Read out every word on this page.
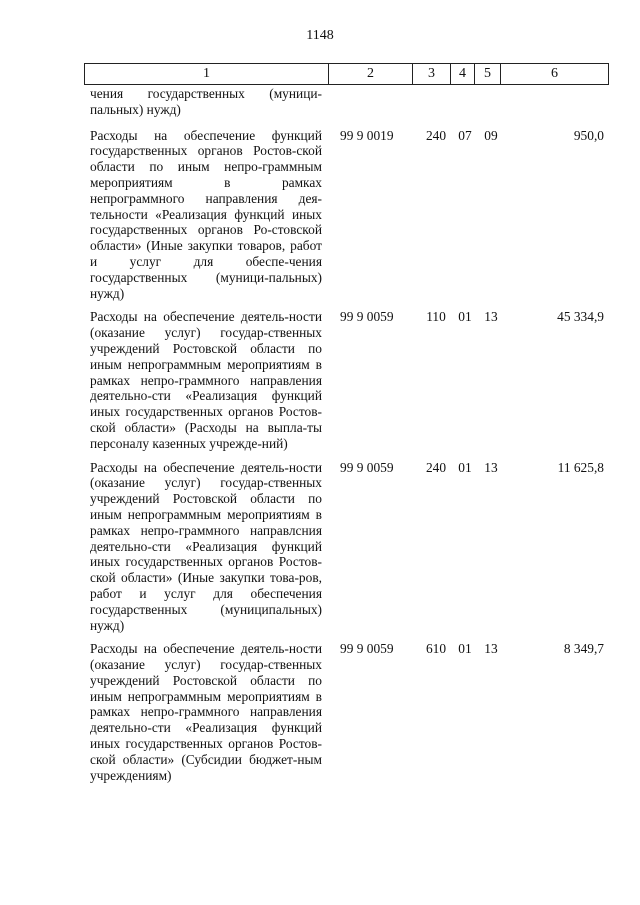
1148
1	2	3	4	5	6
чения государственных (муници-пальных) нужд)
Расходы на обеспечение функций государственных органов Ростов-ской области по иным непро-граммным мероприятиям в рамках непрограммного направления дея-тельности «Реализация функций иных государственных органов Ро-стовской области» (Иные закупки товаров, работ и услуг для обеспе-чения государственных (муници-пальных) нужд)
99 9 0019	240 07 09	950,0
Расходы на обеспечение деятель-ности (оказание услуг) государ-ственных учреждений Ростовской области по иным непрограммным мероприятиям в рамках непро-граммного направления деятельно-сти «Реализация функций иных государственных органов Ростов-ской области» (Расходы на выпла-ты персоналу казенных учрежде-ний)
99 9 0059	110 01 13	45 334,9
Расходы на обеспечение деятель-ности (оказание услуг) государ-ственных учреждений Ростовской области по иным непрограммным мероприятиям в рамках непро-граммного направлсния деятельно-сти «Реализация функций иных государственных органов Ростов-ской области» (Иные закупки това-ров, работ и услуг для обеспечения государственных (муниципальных) нужд)
99 9 0059	240 01 13	11 625,8
Расходы на обеспечение деятель-ности (оказание услуг) государ-ственных учреждений Ростовской области по иным непрограммным мероприятиям в рамках непро-граммного направления деятельно-сти «Реализация функций иных государственных органов Ростов-ской области» (Субсидии бюджет-ным учреждениям)
99 9 0059	610 01 13	8 349,7
